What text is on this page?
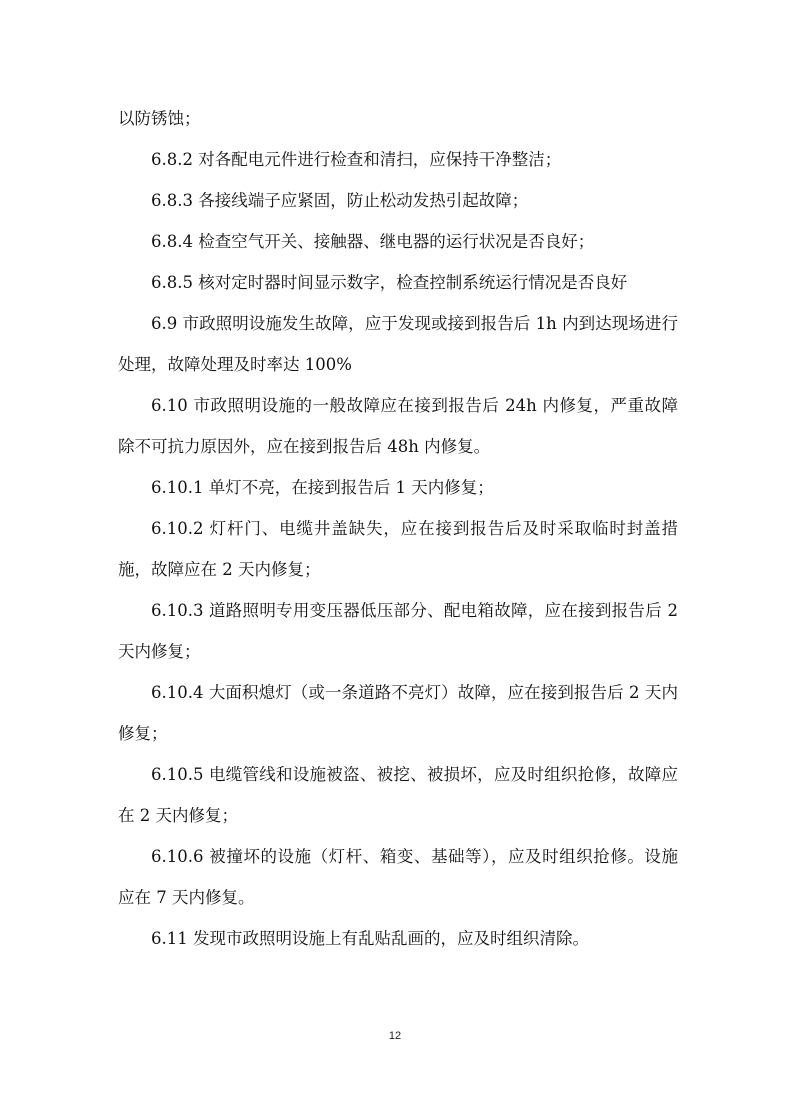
以防锈蚀；

6.8.2 对各配电元件进行检查和清扫，应保持干净整洁；

6.8.3 各接线端子应紧固，防止松动发热引起故障；

6.8.4 检查空气开关、接触器、继电器的运行状况是否良好；

6.8.5 核对定时器时间显示数字，检查控制系统运行情况是否良好

6.9 市政照明设施发生故障，应于发现或接到报告后 1h 内到达现场进行处理，故障处理及时率达 100%

6.10 市政照明设施的一般故障应在接到报告后 24h 内修复，严重故障除不可抗力原因外，应在接到报告后 48h 内修复。

6.10.1 单灯不亮，在接到报告后 1 天内修复；

6.10.2 灯杆门、电缆井盖缺失，应在接到报告后及时采取临时封盖措施，故障应在 2 天内修复；

6.10.3 道路照明专用变压器低压部分、配电箱故障，应在接到报告后 2 天内修复；

6.10.4 大面积熄灯（或一条道路不亮灯）故障，应在接到报告后 2 天内修复；

6.10.5 电缆管线和设施被盗、被挖、被损坏，应及时组织抢修，故障应在 2 天内修复；

6.10.6 被撞坏的设施（灯杆、箱变、基础等），应及时组织抢修。设施应在 7 天内修复。

6.11 发现市政照明设施上有乱贴乱画的，应及时组织清除。

12
